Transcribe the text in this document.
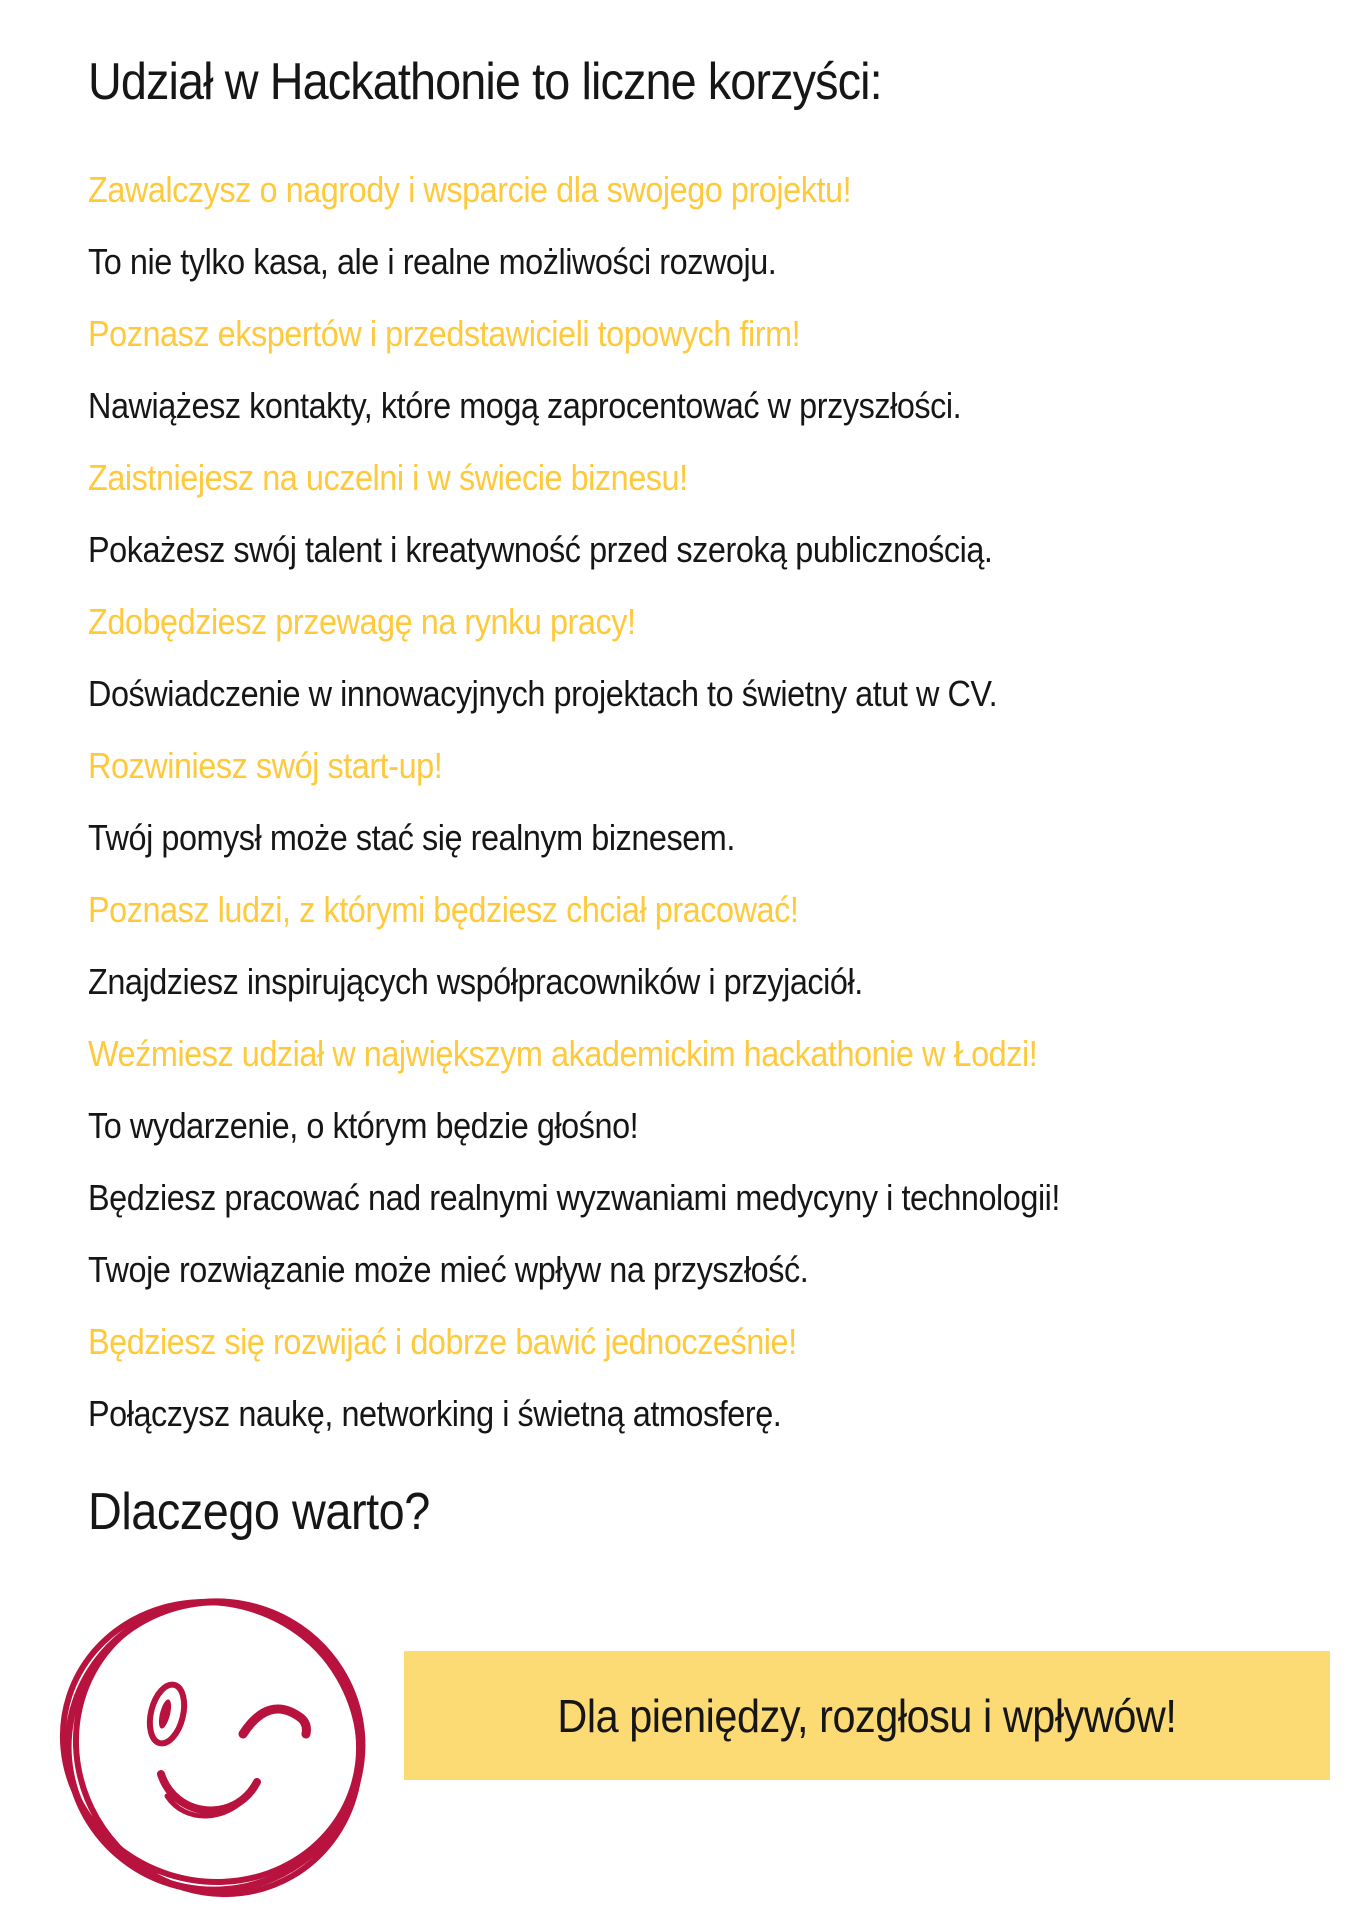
Udział w Hackathonie to liczne korzyści:

Zawalczysz o nagrody i wsparcie dla swojego projektu!

To nie tylko kasa, ale i realne możliwości rozwoju.

Poznasz ekspertów i przedstawicieli topowych firm!

Nawiążesz kontakty, które mogą zaprocentować w przyszłości.

Zaistniejesz na uczelni i w świecie biznesu!

Pokażesz swój talent i kreatywność przed szeroką publicznością.

Zdobędziesz przewagę na rynku pracy!

Doświadczenie w innowacyjnych projektach to świetny atut w CV.

Rozwiniesz swój start-up!

Twój pomysł może stać się realnym biznesem.

Poznasz ludzi, z którymi będziesz chciał pracować!

Znajdziesz inspirujących współpracowników i przyjaciół.

Weźmiesz udział w największym akademickim hackathonie w Łodzi!

To wydarzenie, o którym będzie głośno!

Będziesz pracować nad realnymi wyzwaniami medycyny i technologii!

Twoje rozwiązanie może mieć wpływ na przyszłość.

Będziesz się rozwijać i dobrze bawić jednocześnie!

Połączysz naukę, networking i świetną atmosferę.

Dlaczego warto?
Dla pieniędzy, rozgłosu i wpływów!
